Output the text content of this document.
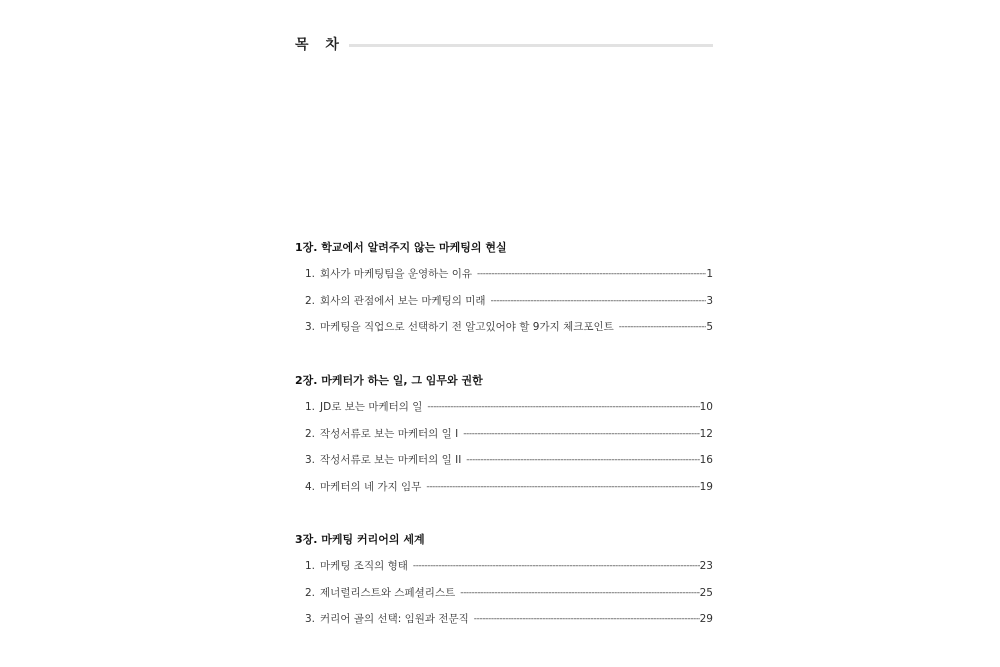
목 차
1장. 학교에서 알려주지 않는 마케팅의 현실
1. 회사가 마케팅팀을 운영하는 이유 -----	1
2. 회사의 관점에서 보는 마케팅의 미래 -----	3
3. 마케팅을 직업으로 선택하기 전 알고있어야 할 9가지 체크포인트 -----	5
2장. 마케터가 하는 일, 그 임무와 권한
1. JD로 보는 마케터의 일 -----	10
2. 작성서류로 보는 마케터의 일 I -----	12
3. 작성서류로 보는 마케터의 일 II -----	16
4. 마케터의 네 가지 임무 -----	19
3장. 마케팅 커리어의 세계
1. 마케팅 조직의 형태 -----	23
2. 제너럴리스트와 스페셜리스트 -----	25
3. 커리어 골의 선택: 임원과 전문직 -----	29
